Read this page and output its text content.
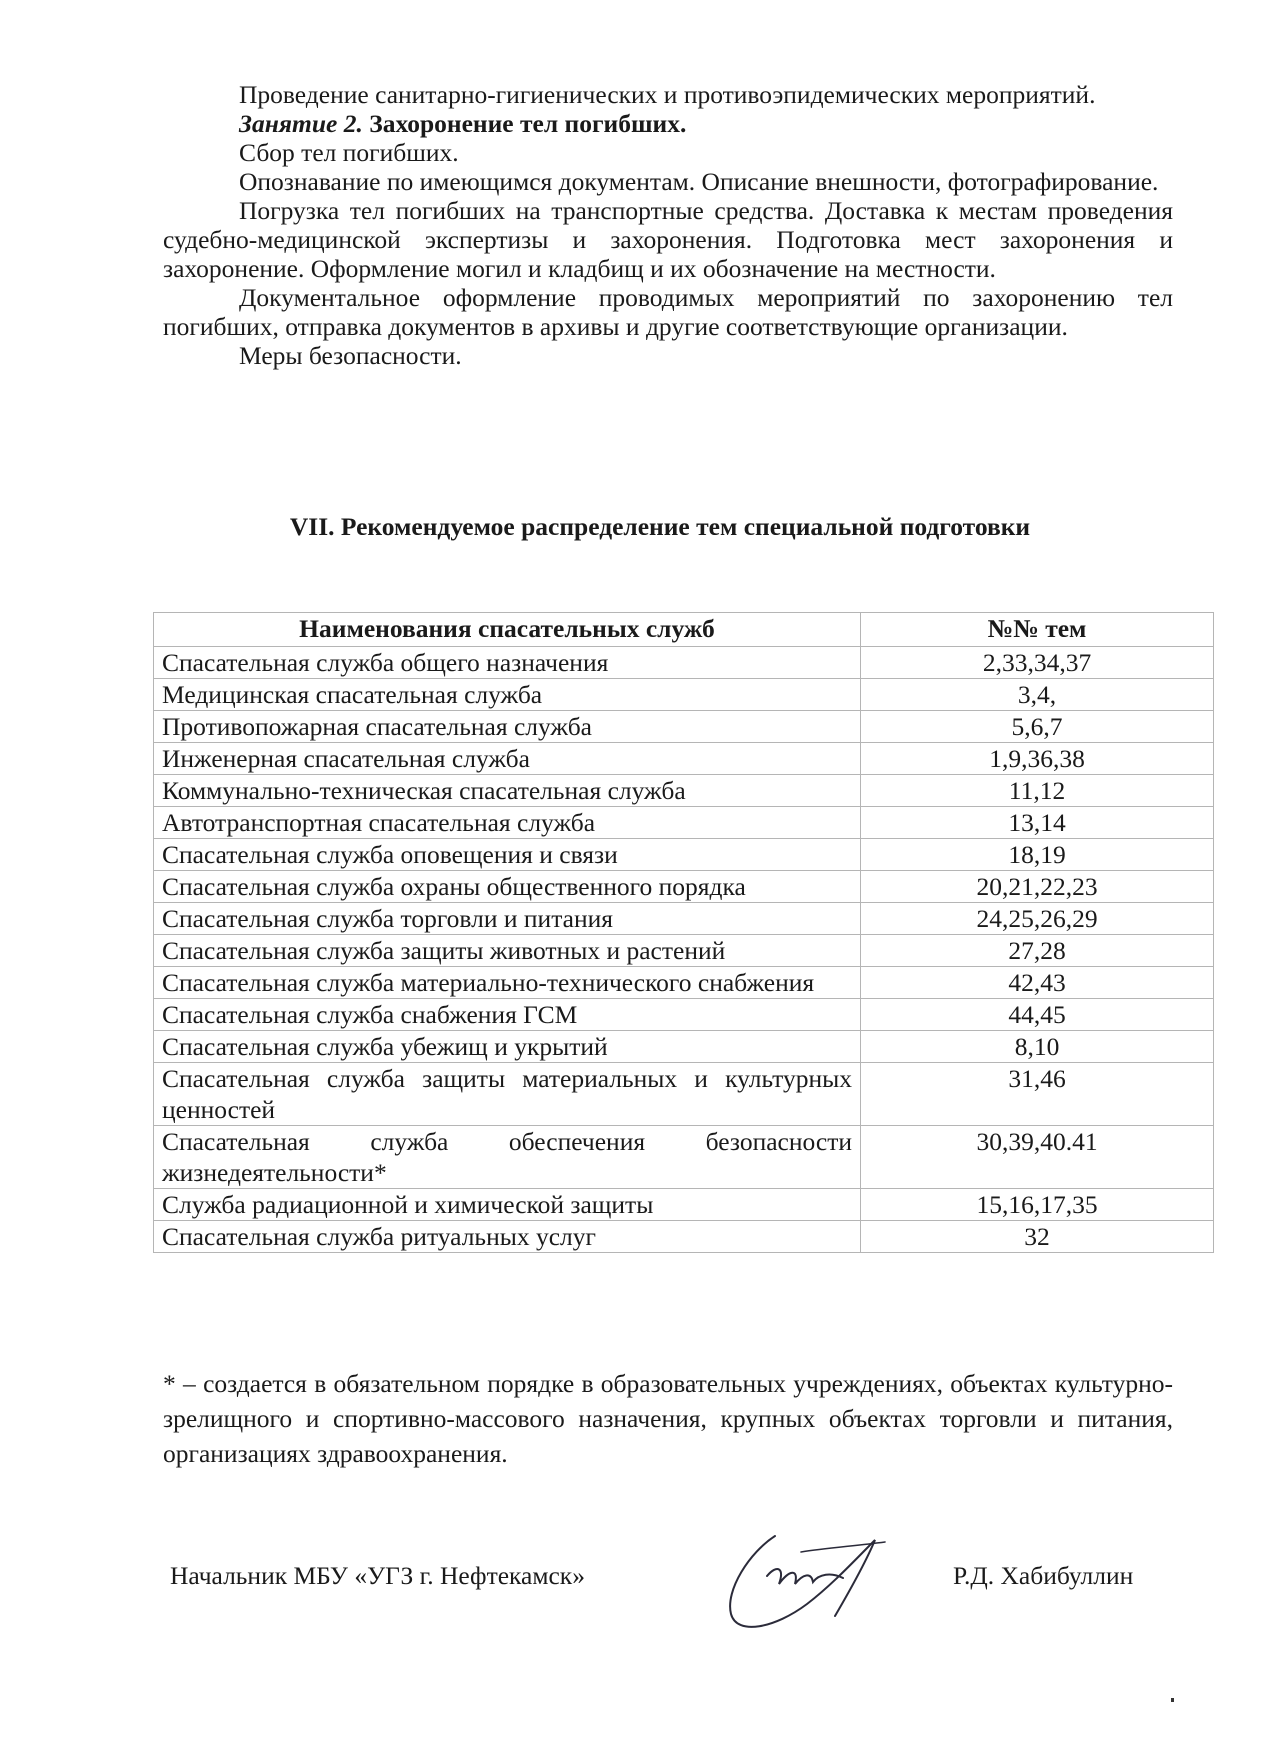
Проведение санитарно-гигиенических и противоэпидемических мероприятий.

Занятие 2. Захоронение тел погибших.

Сбор тел погибших.

Опознавание по имеющимся документам. Описание внешности, фотографирование.

Погрузка тел погибших на транспортные средства. Доставка к местам проведения судебно-медицинской экспертизы и захоронения. Подготовка мест захоронения и захоронение. Оформление могил и кладбищ и их обозначение на местности.

Документальное оформление проводимых мероприятий по захоронению тел погибших, отправка документов в архивы и другие соответствующие организации.

Меры безопасности.

VII. Рекомендуемое распределение тем специальной подготовки
Наименования спасательных служб	№№ тем
Спасательная служба общего назначения	2,33,34,37
Медицинская спасательная служба	3,4,
Противопожарная спасательная служба	5,6,7
Инженерная спасательная служба	1,9,36,38
Коммунально-техническая спасательная служба	11,12
Автотранспортная спасательная служба	13,14
Спасательная служба оповещения и связи	18,19
Спасательная служба охраны общественного порядка	20,21,22,23
Спасательная служба торговли и питания	24,25,26,29
Спасательная служба защиты животных и растений	27,28
Спасательная служба материально-технического снабжения	42,43
Спасательная служба снабжения ГСМ	44,45
Спасательная служба убежищ и укрытий	8,10
Спасательная служба защиты материальных и культурных ценностей	31,46
Спасательная служба обеспечения безопасности жизнедеятельности*	30,39,40.41
Служба радиационной и химической защиты	15,16,17,35
Спасательная служба ритуальных услуг	32

* – создается в обязательном порядке в образовательных учреждениях, объектах культурно-зрелищного и спортивно-массового назначения, крупных объектах торговли и питания, организациях здравоохранения.

Начальник МБУ «УГЗ г. Нефтекамск»	Р.Д. Хабибуллин
